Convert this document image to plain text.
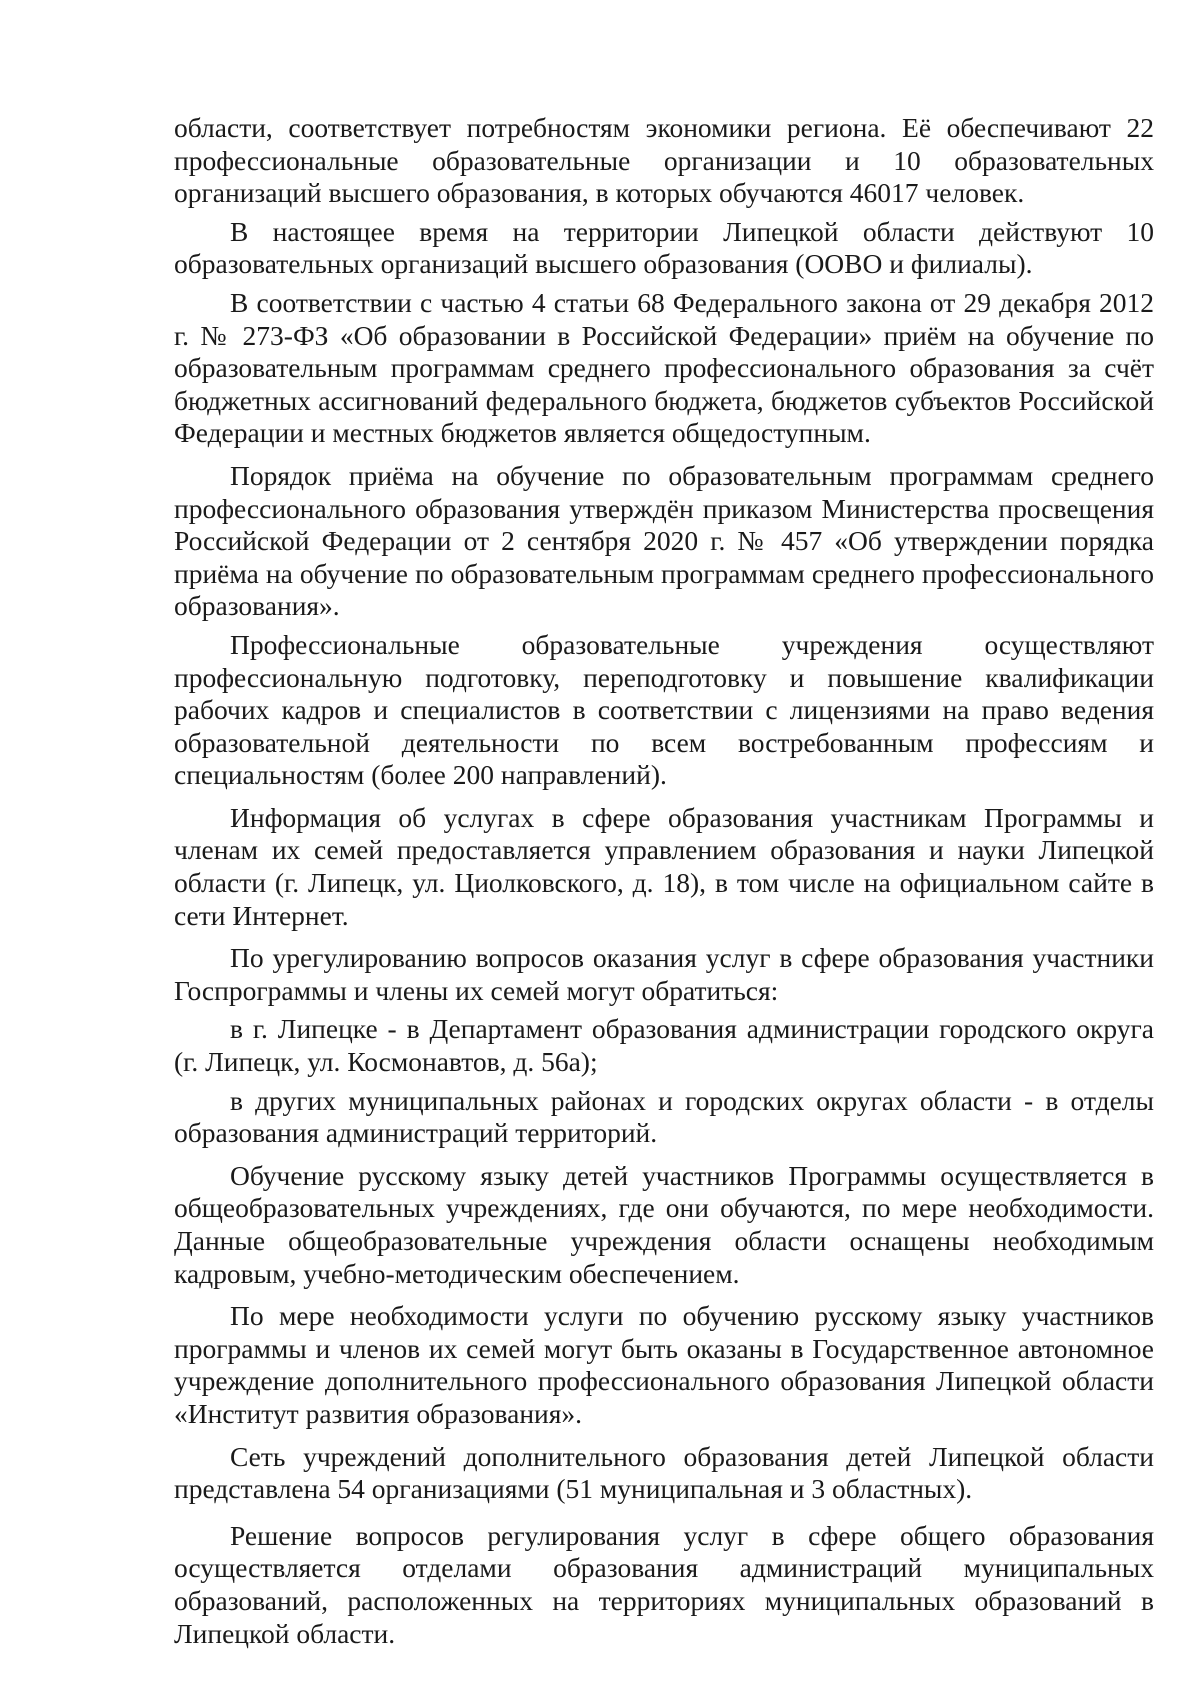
области, соответствует потребностям экономики региона. Её обеспечивают 22 профессиональные образовательные организации и 10 образовательных организаций высшего образования, в которых обучаются 46017 человек.

В настоящее время на территории Липецкой области действуют 10 образовательных организаций высшего образования (ООВО и филиалы).

В соответствии с частью 4 статьи 68 Федерального закона от 29 декабря 2012 г. № 273-ФЗ «Об образовании в Российской Федерации» приём на обучение по образовательным программам среднего профессионального образования за счёт бюджетных ассигнований федерального бюджета, бюджетов субъектов Российской Федерации и местных бюджетов является общедоступным.

Порядок приёма на обучение по образовательным программам среднего профессионального образования утверждён приказом Министерства просвещения Российской Федерации от 2 сентября 2020 г. № 457 «Об утверждении порядка приёма на обучение по образовательным программам среднего профессионального образования».

Профессиональные образовательные учреждения осуществляют профессиональную подготовку, переподготовку и повышение квалификации рабочих кадров и специалистов в соответствии с лицензиями на право ведения образовательной деятельности по всем востребованным профессиям и специальностям (более 200 направлений).

Информация об услугах в сфере образования участникам Программы и членам их семей предоставляется управлением образования и науки Липецкой области (г. Липецк, ул. Циолковского, д. 18), в том числе на официальном сайте в сети Интернет.

По урегулированию вопросов оказания услуг в сфере образования участники Госпрограммы и члены их семей могут обратиться:

в г. Липецке - в Департамент образования администрации городского округа (г. Липецк, ул. Космонавтов, д. 56а);

в других муниципальных районах и городских округах области - в отделы образования администраций территорий.

Обучение русскому языку детей участников Программы осуществляется в общеобразовательных учреждениях, где они обучаются, по мере необходимости. Данные общеобразовательные учреждения области оснащены необходимым кадровым, учебно-методическим обеспечением.

По мере необходимости услуги по обучению русскому языку участников программы и членов их семей могут быть оказаны в Государственное автономное учреждение дополнительного профессионального образования Липецкой области «Институт развития образования».

Сеть учреждений дополнительного образования детей Липецкой области представлена 54 организациями (51 муниципальная и 3 областных).

Решение вопросов регулирования услуг в сфере общего образования осуществляется отделами образования администраций муниципальных образований, расположенных на территориях муниципальных образований в Липецкой области.
